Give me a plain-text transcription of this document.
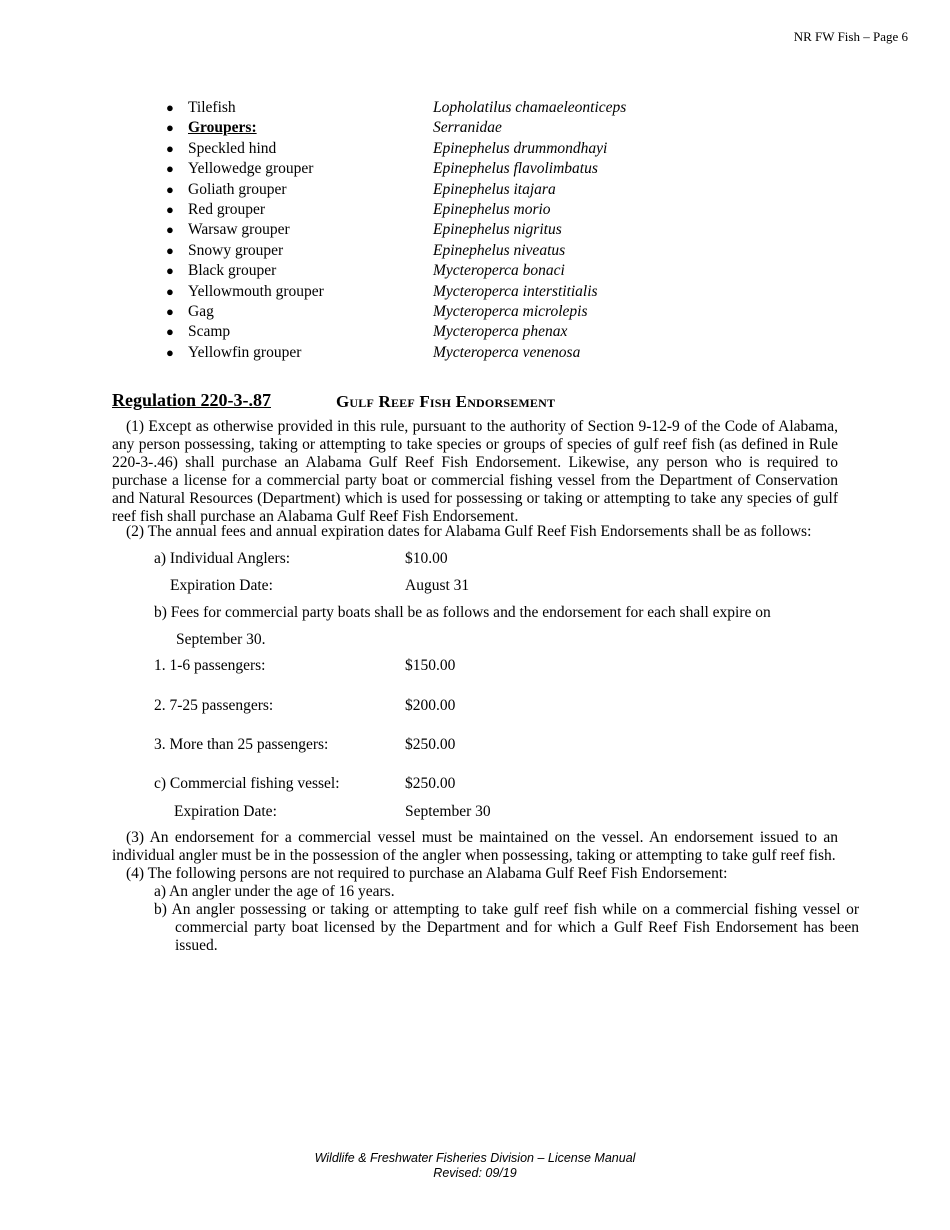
NR FW Fish – Page 6
● Tilefish	Lopholatilus chamaeleonticeps
● Groupers:	Serranidae
● Speckled hind	Epinephelus drummondhayi
● Yellowedge grouper	Epinephelus flavolimbatus
● Goliath grouper	Epinephelus itajara
● Red grouper	Epinephelus morio
● Warsaw grouper	Epinephelus nigritus
● Snowy grouper	Epinephelus niveatus
● Black grouper	Mycteroperca bonaci
● Yellowmouth grouper	Mycteroperca interstitialis
● Gag	Mycteroperca microlepis
● Scamp	Mycteroperca phenax
● Yellowfin grouper	Mycteroperca venenosa
Regulation 220-3-.87	Gulf Reef Fish Endorsement

(1) Except as otherwise provided in this rule, pursuant to the authority of Section 9-12-9 of the Code of Alabama, any person possessing, taking or attempting to take species or groups of species of gulf reef fish (as defined in Rule 220-3-.46) shall purchase an Alabama Gulf Reef Fish Endorsement. Likewise, any person who is required to purchase a license for a commercial party boat or commercial fishing vessel from the Department of Conservation and Natural Resources (Department) which is used for possessing or taking or attempting to take any species of gulf reef fish shall purchase an Alabama Gulf Reef Fish Endorsement.

(2) The annual fees and annual expiration dates for Alabama Gulf Reef Fish Endorsements shall be as follows:

a) Individual Anglers:	$10.00
Expiration Date:	August 31
b) Fees for commercial party boats shall be as follows and the endorsement for each shall expire on
September 30.
1. 1-6 passengers:	$150.00
2. 7-25 passengers:	$200.00
3. More than 25 passengers:	$250.00
c) Commercial fishing vessel:	$250.00
Expiration Date:	September 30

(3) An endorsement for a commercial vessel must be maintained on the vessel. An endorsement issued to an individual angler must be in the possession of the angler when possessing, taking or attempting to take gulf reef fish.

(4) The following persons are not required to purchase an Alabama Gulf Reef Fish Endorsement:
a) An angler under the age of 16 years.
b) An angler possessing or taking or attempting to take gulf reef fish while on a commercial fishing vessel or commercial party boat licensed by the Department and for which a Gulf Reef Fish Endorsement has been issued.
Wildlife & Freshwater Fisheries Division – License Manual
Revised: 09/19
